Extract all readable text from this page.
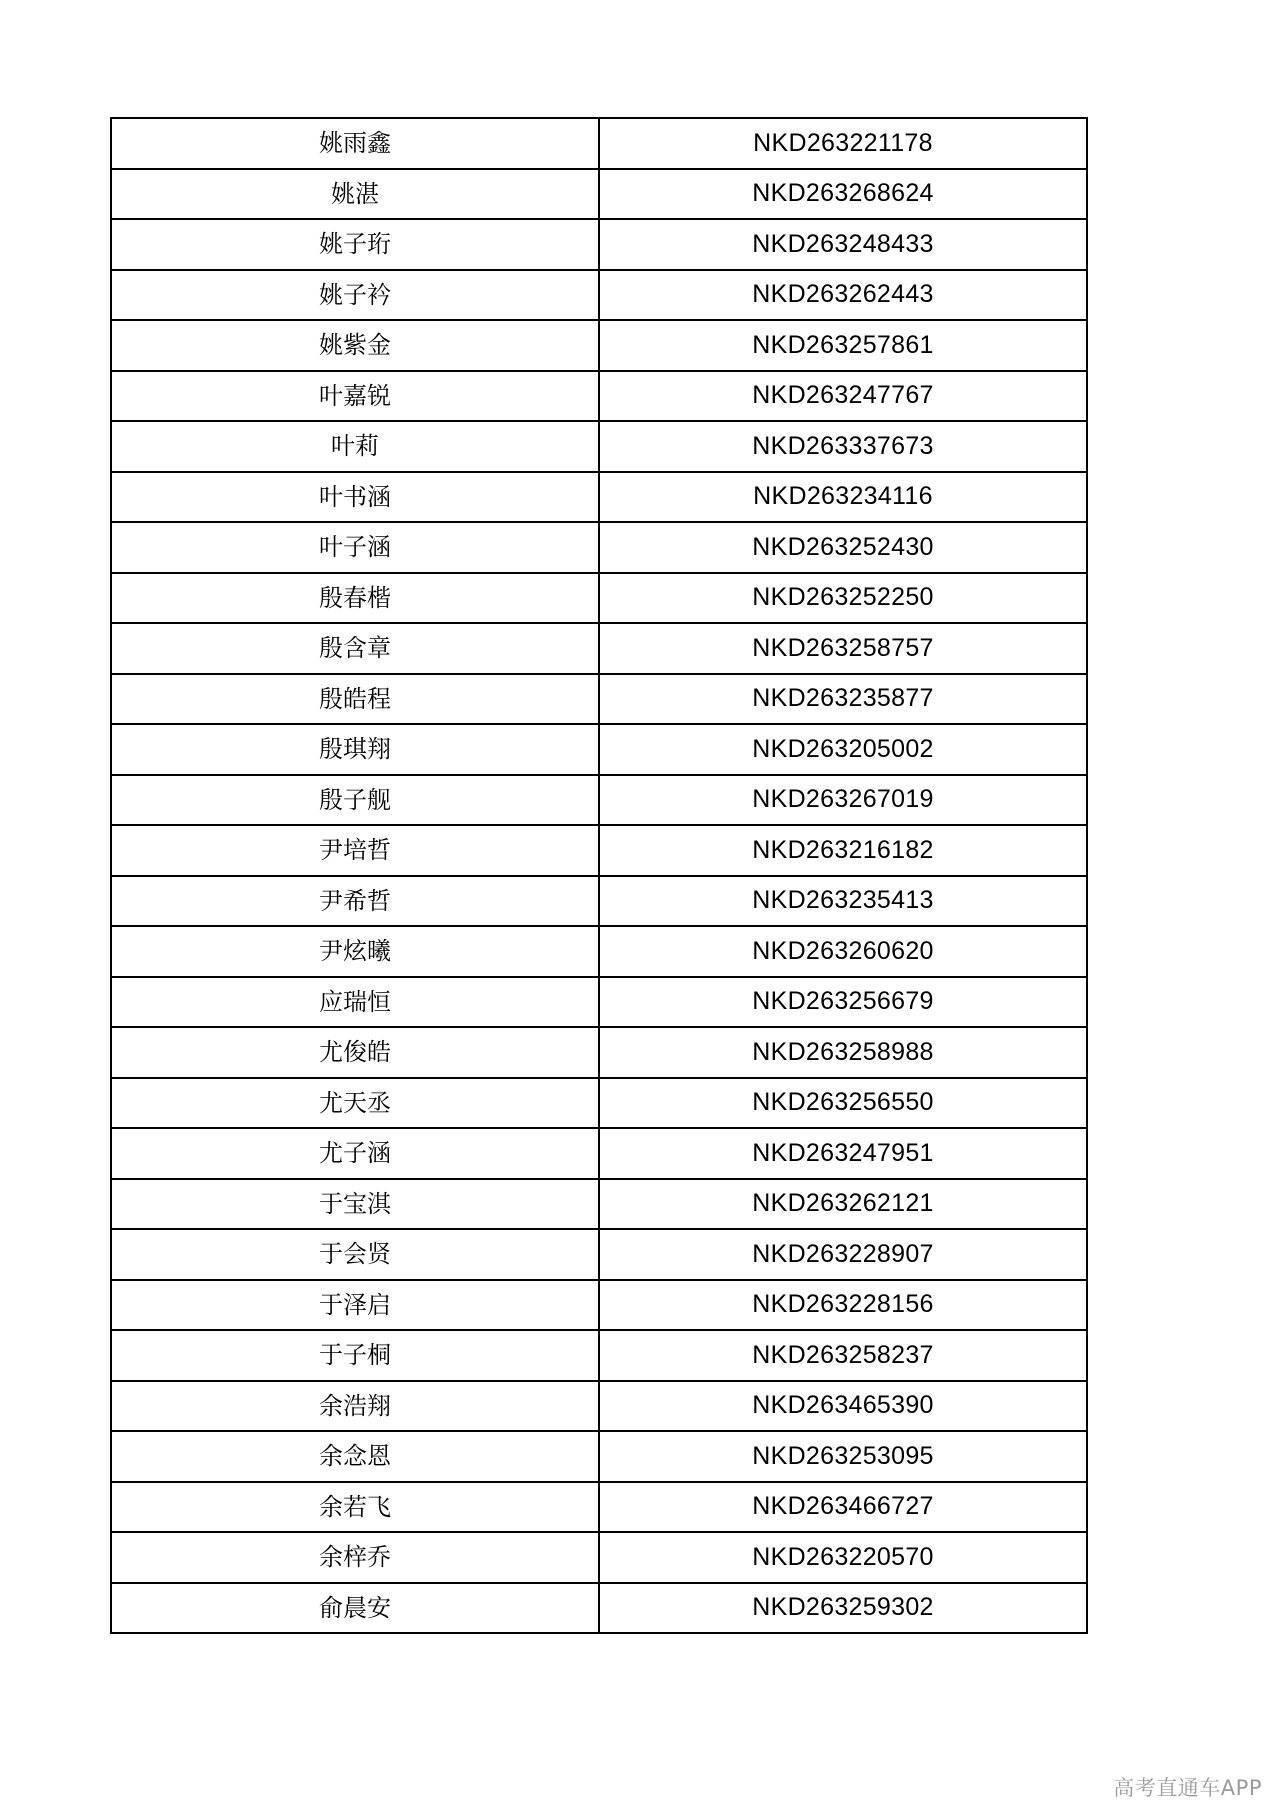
姚雨鑫	NKD263221178
姚湛	NKD263268624
姚子珩	NKD263248433
姚子衿	NKD263262443
姚紫金	NKD263257861
叶嘉锐	NKD263247767
叶莉	NKD263337673
叶书涵	NKD263234116
叶子涵	NKD263252430
殷春楷	NKD263252250
殷含章	NKD263258757
殷皓程	NKD263235877
殷琪翔	NKD263205002
殷子舰	NKD263267019
尹培哲	NKD263216182
尹希哲	NKD263235413
尹炫曦	NKD263260620
应瑞恒	NKD263256679
尤俊皓	NKD263258988
尤天丞	NKD263256550
尤子涵	NKD263247951
于宝淇	NKD263262121
于会贤	NKD263228907
于泽启	NKD263228156
于子桐	NKD263258237
余浩翔	NKD263465390
余念恩	NKD263253095
余若飞	NKD263466727
余梓乔	NKD263220570
俞晨安	NKD263259302
高考直通车APP
